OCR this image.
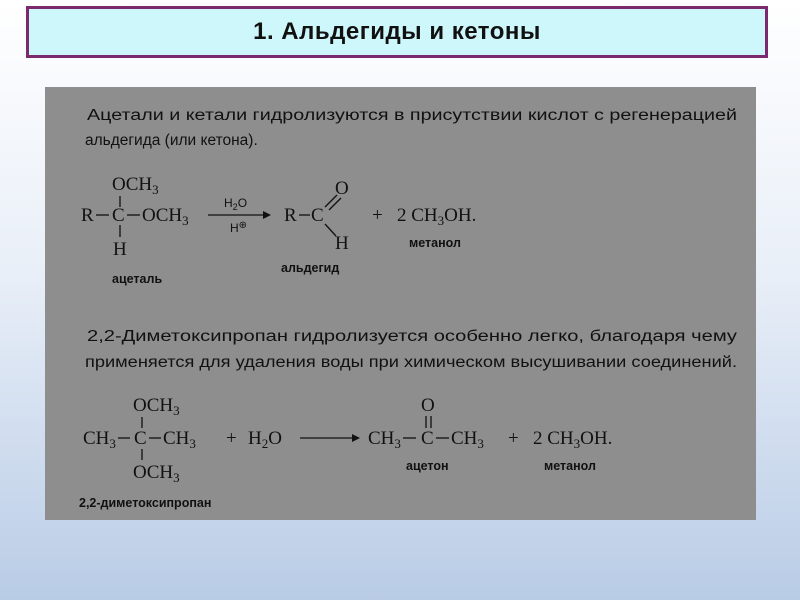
1. Альдегиды и кетоны
Ацетали и кетали гидролизуются в присутствии кислот с регенерацией
альдегида (или кетона).
$OCH_3$
R C $OCH_3$
H
ацеталь
$H_2O$
H⊕ R C
O
H
альдегид
+ 2 $CH_3OH$.
метанол
2,2-Диметоксипропан гидролизуется особенно легко, благодаря чему
применяется для удаления воды при химическом высушивании соединений.
$OCH_3$
$CH_3$ C $CH_3$
$OCH_3$
2,2-диметоксипропан
+ $H_2O$
O
$CH_3$ C $CH_3$
ацетон
+ 2 $CH_3OH$.
метанол
